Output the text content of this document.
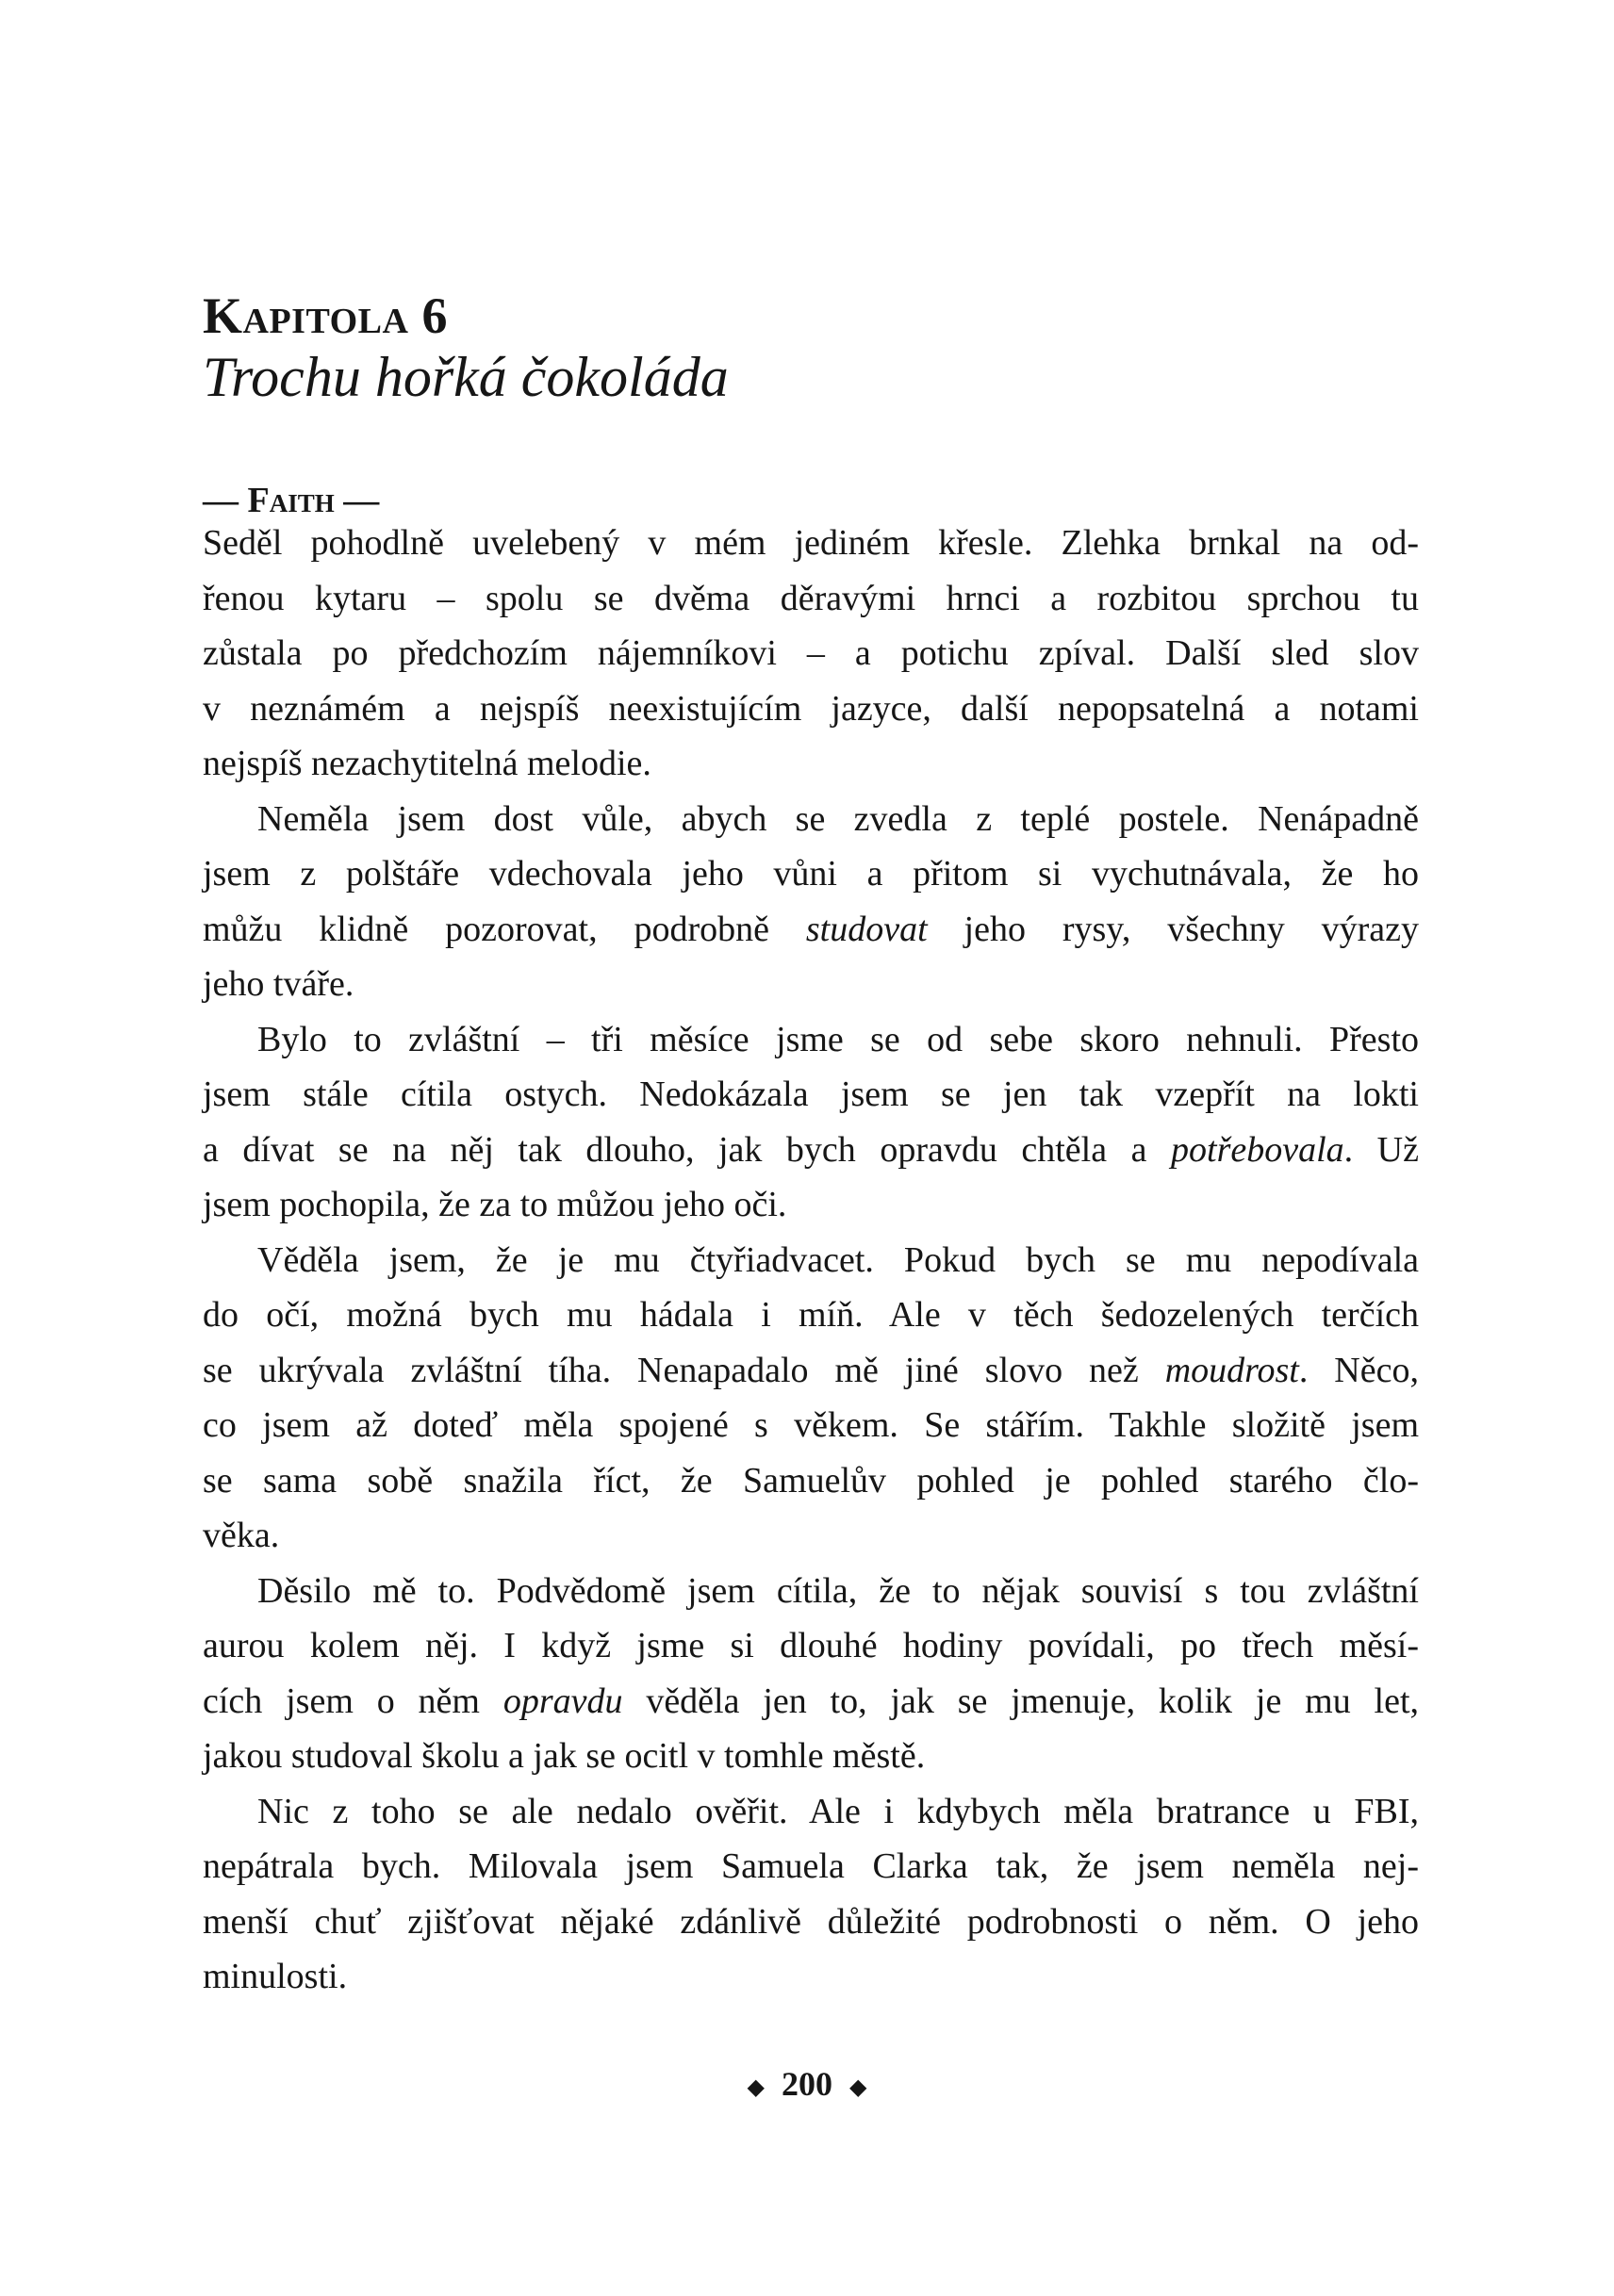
Kapitola 6
Trochu hořká čokoláda
— Faith —
Seděl pohodlně uvelebený v mém jediném křesle. Zlehka brnkal na od-
řenou kytaru – spolu se dvěma děravými hrnci a rozbitou sprchou tu
zůstala po předchozím nájemníkovi – a potichu zpíval. Další sled slov
v neznámém a nejspíš neexistujícím jazyce, další nepopsatelná a notami
nejspíš nezachytitelná melodie.
Neměla jsem dost vůle, abych se zvedla z teplé postele. Nenápadně
jsem z polštáře vdechovala jeho vůni a přitom si vychutnávala, že ho
můžu klidně pozorovat, podrobně studovat jeho rysy, všechny výrazy
jeho tváře.
Bylo to zvláštní – tři měsíce jsme se od sebe skoro nehnuli. Přesto
jsem stále cítila ostych. Nedokázala jsem se jen tak vzepřít na lokti
a dívat se na něj tak dlouho, jak bych opravdu chtěla a potřebovala. Už
jsem pochopila, že za to můžou jeho oči.
Věděla jsem, že je mu čtyřiadvacet. Pokud bych se mu nepodívala
do očí, možná bych mu hádala i míň. Ale v těch šedozelených terčích
se ukrývala zvláštní tíha. Nenapadalo mě jiné slovo než moudrost. Něco,
co jsem až doteď měla spojené s věkem. Se stářím. Takhle složitě jsem
se sama sobě snažila říct, že Samuelův pohled je pohled starého člo-
věka.
Děsilo mě to. Podvědomě jsem cítila, že to nějak souvisí s tou zvláštní
aurou kolem něj. I když jsme si dlouhé hodiny povídali, po třech měsí-
cích jsem o něm opravdu věděla jen to, jak se jmenuje, kolik je mu let,
jakou studoval školu a jak se ocitl v tomhle městě.
Nic z toho se ale nedalo ověřit. Ale i kdybych měla bratrance u FBI,
nepátrala bych. Milovala jsem Samuela Clarka tak, že jsem neměla nej-
menší chuť zjišťovat nějaké zdánlivě důležité podrobnosti o něm. O jeho
minulosti.
◆ 200 ◆
